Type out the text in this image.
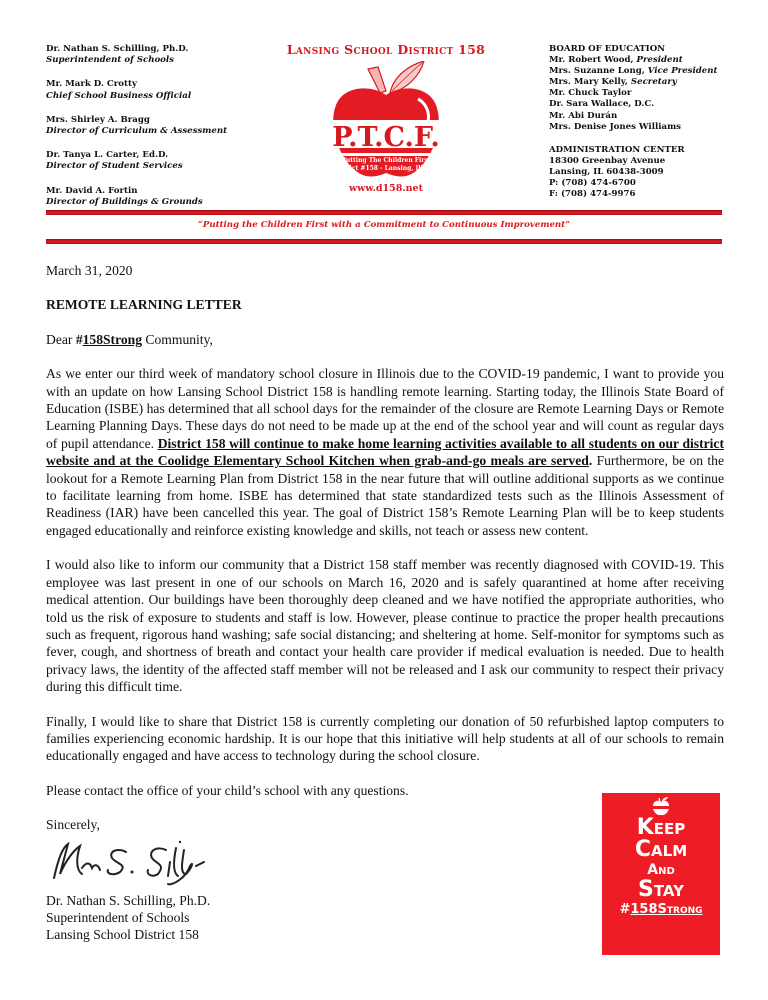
Dr. Nathan S. Schilling, Ph.D.
Superintendent of Schools
Mr. Mark D. Crotty
Chief School Business Official
Mrs. Shirley A. Bragg
Director of Curriculum & Assessment
Dr. Tanya L. Carter, Ed.D.
Director of Student Services
Mr. David A. Fortin
Director of Buildings & Grounds
Lansing School District 158
P.T.C.F.
Putting The Children First
District #158 - Lansing, Illinois
www.d158.net
BOARD OF EDUCATION
Mr. Robert Wood, President
Mrs. Suzanne Long, Vice President
Mrs. Mary Kelly, Secretary
Mr. Chuck Taylor
Dr. Sara Wallace, D.C.
Mr. Abi Durán
Mrs. Denise Jones Williams
ADMINISTRATION CENTER
18300 Greenbay Avenue
Lansing, IL 60438-3009
P: (708) 474-6700
F: (708) 474-9976
“Putting the Children First with a Commitment to Continuous Improvement”

March 31, 2020

REMOTE LEARNING LETTER

Dear #158Strong Community,

As we enter our third week of mandatory school closure in Illinois due to the COVID-19 pandemic, I want to provide you with an update on how Lansing School District 158 is handling remote learning. Starting today, the Illinois State Board of Education (ISBE) has determined that all school days for the remainder of the closure are Remote Learning Days or Remote Learning Planning Days. These days do not need to be made up at the end of the school year and will count as regular days of pupil attendance. District 158 will continue to make home learning activities available to all students on our district website and at the Coolidge Elementary School Kitchen when grab-and-go meals are served. Furthermore, be on the lookout for a Remote Learning Plan from District 158 in the near future that will outline additional supports as we continue to facilitate learning from home. ISBE has determined that state standardized tests such as the Illinois Assessment of Readiness (IAR) have been cancelled this year. The goal of District 158’s Remote Learning Plan will be to keep students engaged educationally and reinforce existing knowledge and skills, not teach or assess new content.

I would also like to inform our community that a District 158 staff member was recently diagnosed with COVID-19. This employee was last present in one of our schools on March 16, 2020 and is safely quarantined at home after receiving medical attention. Our buildings have been thoroughly deep cleaned and we have notified the appropriate authorities, who told us the risk of exposure to students and staff is low. However, please continue to practice the proper health precautions such as frequent, rigorous hand washing; safe social distancing; and sheltering at home. Self-monitor for symptoms such as fever, cough, and shortness of breath and contact your health care provider if medical evaluation is needed. Due to health privacy laws, the identity of the affected staff member will not be released and I ask our community to respect their privacy during this difficult time.

Finally, I would like to share that District 158 is currently completing our donation of 50 refurbished laptop computers to families experiencing economic hardship. It is our hope that this initiative will help students at all of our schools to remain educationally engaged and have access to technology during the school closure.

Please contact the office of your child’s school with any questions.

Sincerely,
Dr. Nathan S. Schilling, Ph.D.
Superintendent of Schools
Lansing School District 158
Keep
Calm
And
Stay
#158Strong
